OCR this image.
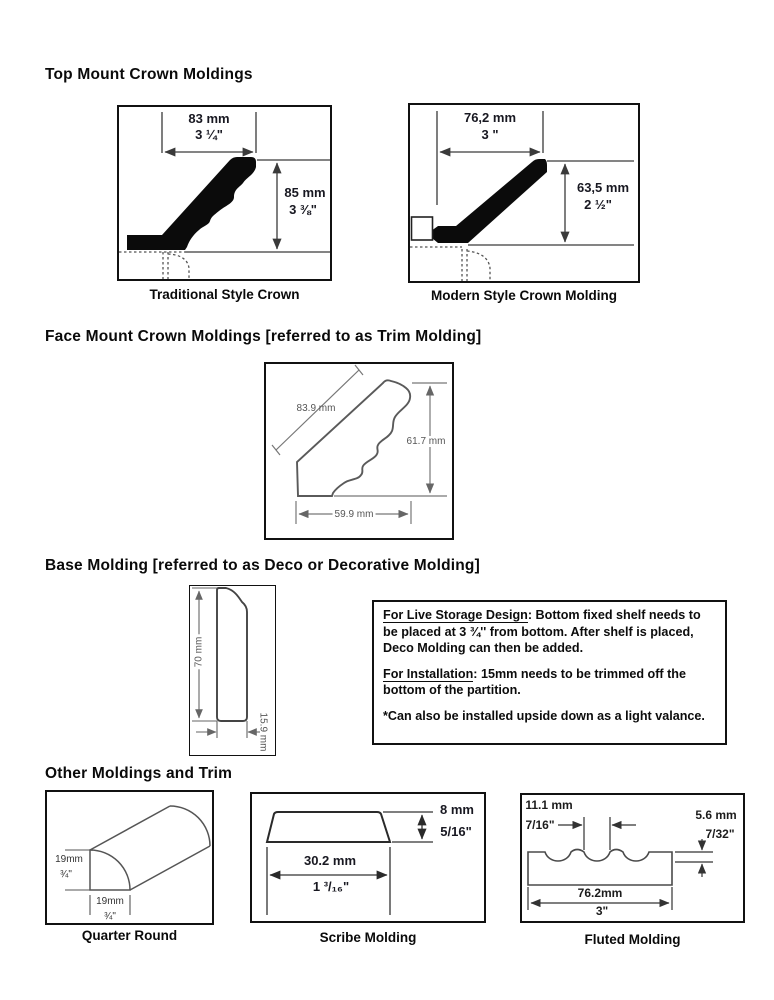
Top Mount Crown Moldings
Face Mount Crown Moldings [referred to as Trim Molding]
Base Molding [referred to as Deco or Decorative Molding]
Other Moldings and Trim
83 mm
3 ¼"
85 mm
3 ⅜"
Traditional Style Crown
76,2 mm
3 "
63,5 mm
2 ½"
Modern Style Crown Molding
83.9 mm
61.7 mm
59.9 mm
70 mm
15.9 mm

For Live Storage Design: Bottom fixed shelf needs to be placed at 3 ¾'' from bottom. After shelf is placed, Deco Molding can then be added.

For Installation: 15mm needs to be trimmed off the bottom of the partition.

*Can also be installed upside down as a light valance.

19mm
¾"
19mm
¾"
Quarter Round
8 mm
5/16"
30.2 mm
1 ³/₁₆"
Scribe Molding
11.1 mm
7/16"
5.6 mm
7/32"
76.2mm
3"
Fluted Molding
